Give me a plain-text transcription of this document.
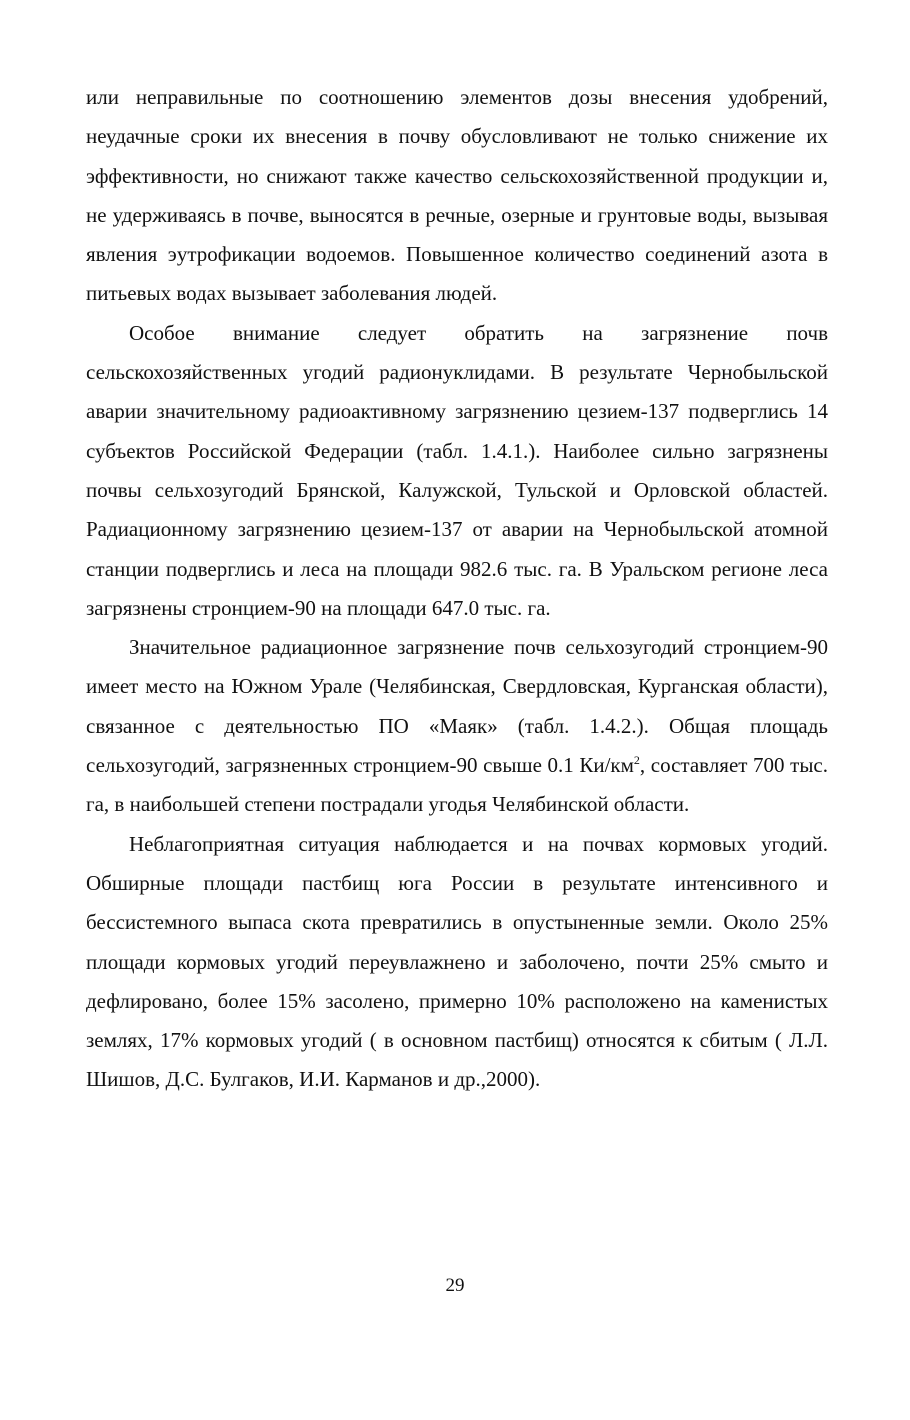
или неправильные по соотношению элементов дозы внесения удобрений, неудачные сроки их внесения в почву обусловливают не только снижение их эффективности, но снижают также качество сельскохозяйственной продукции и, не удерживаясь в почве, выносятся в речные, озерные и грунтовые воды, вызывая явления эутрофикации водоемов. Повышенное количество соединений азота в питьевых водах вызывает заболевания людей.

Особое внимание следует обратить на загрязнение почв сельскохозяйственных угодий радионуклидами. В результате Чернобыльской аварии значительному радиоактивному загрязнению цезием-137 подверглись 14 субъектов Российской Федерации (табл. 1.4.1.). Наиболее сильно загрязнены почвы сельхозугодий Брянской, Калужской, Тульской и Орловской областей. Радиационному загрязнению цезием-137 от аварии на Чернобыльской атомной станции подверглись и леса на площади 982.6 тыс. га. В Уральском регионе леса загрязнены стронцием-90 на площади 647.0 тыс. га.

Значительное радиационное загрязнение почв сельхозугодий стронцием-90 имеет место на Южном Урале (Челябинская, Свердловская, Курганская области), связанное с деятельностью ПО «Маяк» (табл. 1.4.2.). Общая площадь сельхозугодий, загрязненных стронцием-90 свыше 0.1 $Ки/км^2$, составляет 700 тыс. га, в наибольшей степени пострадали угодья Челябинской области.

Неблагоприятная ситуация наблюдается и на почвах кормовых угодий. Обширные площади пастбищ юга России в результате интенсивного и бессистемного выпаса скота превратились в опустыненные земли. Около 25% площади кормовых угодий переувлажнено и заболочено, почти 25% смыто и дефлировано, более 15% засолено, примерно 10% расположено на каменистых землях, 17% кормовых угодий ( в основном пастбищ) относятся к сбитым ( Л.Л. Шишов, Д.С. Булгаков, И.И. Карманов и др.,2000).

29
